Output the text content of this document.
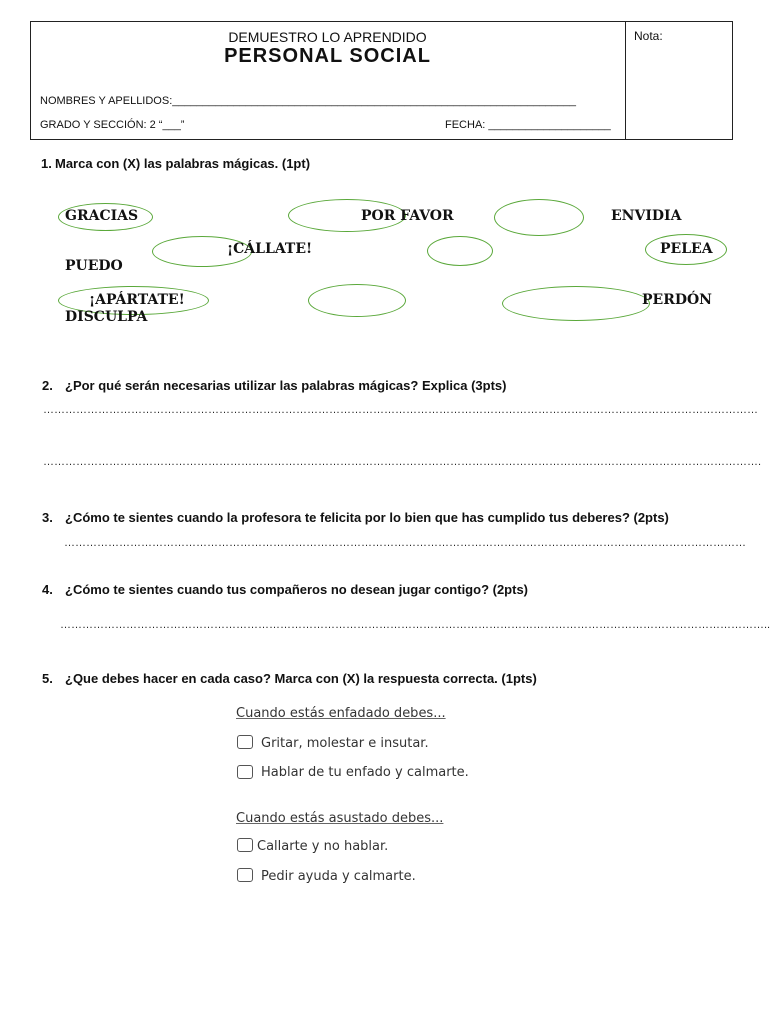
DEMUESTRO LO APRENDIDO
PERSONAL SOCIAL
NOMBRES Y APELLIDOS:__________________________________________________________________
GRADO Y SECCIÓN: 2 “___”	FECHA: ____________________
Nota:
1. Marca con (X) las palabras mágicas. (1pt)
GRACIAS	POR FAVOR	ENVIDIA
¡CÁLLATE!	PELEA
PUEDO
¡APÁRTATE!	PERDÓN
DISCULPA
2. ¿Por qué serán necesarias utilizar las palabras mágicas? Explica (3pts)
……………………………………………………………………………………………………………………………………………………………………………
…………………………………………………………………………………………………………………………………………………………………………….
3. ¿Cómo te sientes cuando la profesora te felicita por lo bien que has cumplido tus deberes? (2pts)
……………………………………………………………………………………………………………………………………………………………………
4. ¿Cómo te sientes cuando tus compañeros no desean jugar contigo? (2pts)
…………………………………………………………………………………………………………………………………………………………………………..
5. ¿Que debes hacer en cada caso? Marca con (X) la respuesta correcta. (1pts)
Cuando estás enfadado debes...
Gritar, molestar e insutar.
Hablar de tu enfado y calmarte.
Cuando estás asustado debes...
Callarte y no hablar.
Pedir ayuda y calmarte.
